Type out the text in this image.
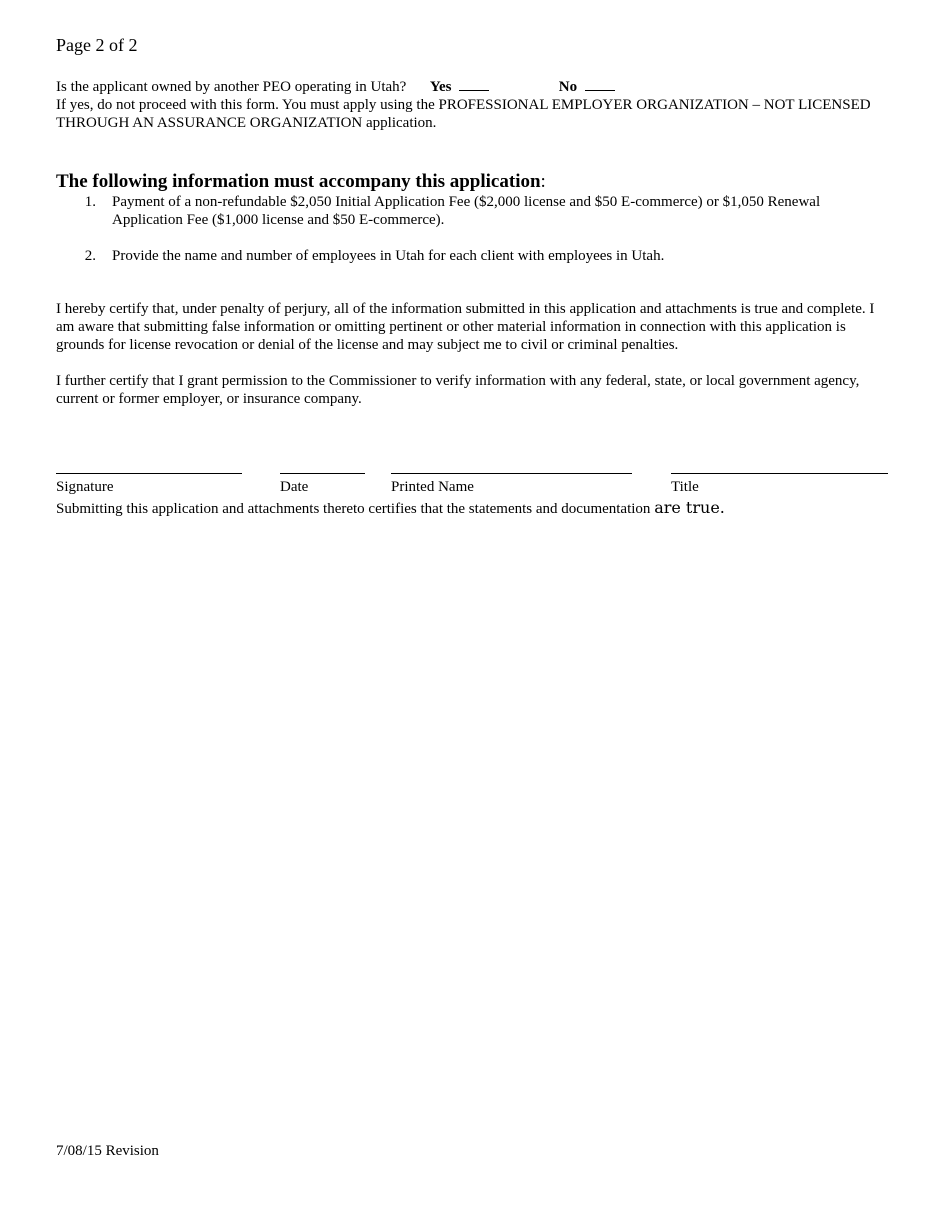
Page 2 of 2
Is the applicant owned by another PEO operating in Utah? Yes	No
If yes, do not proceed with this form. You must apply using the PROFESSIONAL EMPLOYER ORGANIZATION – NOT LICENSED THROUGH AN ASSURANCE ORGANIZATION application.
The following information must accompany this application:
1.	Payment of a non-refundable $2,050 Initial Application Fee ($2,000 license and $50 E-commerce) or $1,050 Renewal Application Fee ($1,000 license and $50 E-commerce).
2.	Provide the name and number of employees in Utah for each client with employees in Utah.
I hereby certify that, under penalty of perjury, all of the information submitted in this application and attachments is true and complete. I am aware that submitting false information or omitting pertinent or other material information in connection with this application is grounds for license revocation or denial of the license and may subject me to civil or criminal penalties.
I further certify that I grant permission to the Commissioner to verify information with any federal, state, or local government agency, current or former employer, or insurance company.
Signature	Date	Printed Name	Title
Submitting this application and attachments thereto certifies that the statements and documentation are true.
7/08/15 Revision
